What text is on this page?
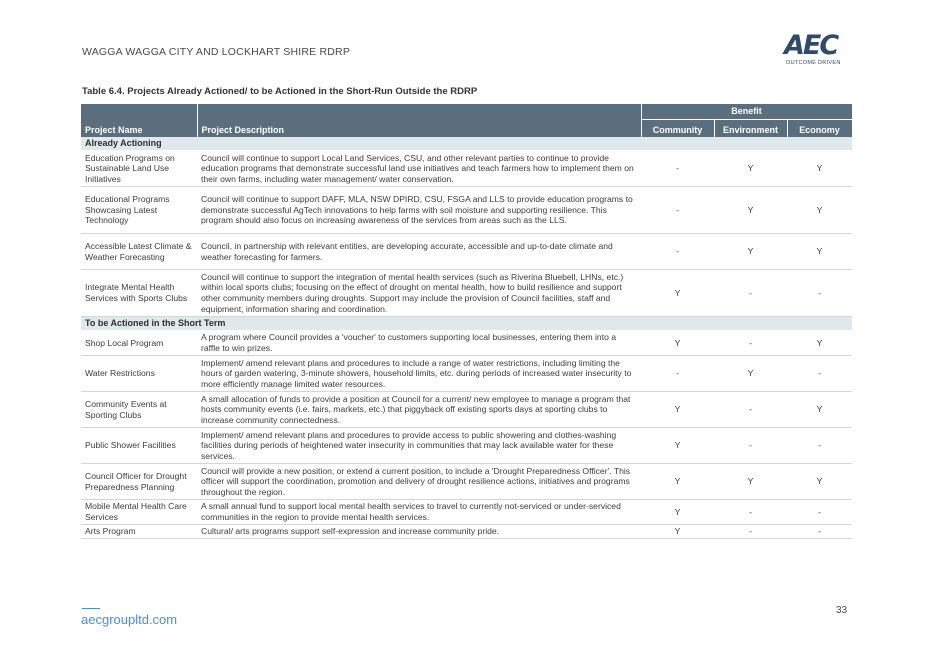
WAGGA WAGGA CITY AND LOCKHART SHIRE RDRP	AEC
OUTCOME DRIVEN
Table 6.4. Projects Already Actioned/ to be Actioned in the Short-Run Outside the RDRP
Project Name	Project Description	Benefit		
		Community	Environment	Economy
Already Actioning				
Education Programs on Sustainable Land Use Initiatives	Council will continue to support Local Land Services, CSU, and other relevant parties to continue to provide education programs that demonstrate successful land use initiatives and teach farmers how to implement them on their own farms, including water management/ water conservation.	-	Y	Y
Educational Programs Showcasing Latest Technology	Council will continue to support DAFF, MLA, NSW DPIRD, CSU, FSGA and LLS to provide education programs to demonstrate successful AgTech innovations to help farms with soil moisture and supporting resilience. This program should also focus on increasing awareness of the services from areas such as the LLS.	-	Y	Y
Accessible Latest Climate & Weather Forecasting	Council, in partnership with relevant entities, are developing accurate, accessible and up-to-date climate and weather forecasting for farmers.	-	Y	Y
Integrate Mental Health Services with Sports Clubs	Council will continue to support the integration of mental health services (such as Riverina Bluebell, LHNs, etc.) within local sports clubs; focusing on the effect of drought on mental health, how to build resilience and support other community members during droughts. Support may include the provision of Council facilities, staff and equipment, information sharing and coordination.	Y	-	-
To be Actioned in the Short Term				
Shop Local Program	A program where Council provides a 'voucher' to customers supporting local businesses, entering them into a raffle to win prizes.	Y	-	Y
Water Restrictions	Implement/ amend relevant plans and procedures to include a range of water restrictions, including limiting the hours of garden watering, 3-minute showers, household limits, etc. during periods of increased water insecurity to more efficiently manage limited water resources.	-	Y	-
Community Events at Sporting Clubs	A small allocation of funds to provide a position at Council for a current/ new employee to manage a program that hosts community events (i.e. fairs, markets, etc.) that piggyback off existing sports days at sporting clubs to increase community connectedness.	Y	-	Y
Public Shower Facilities	Implement/ amend relevant plans and procedures to provide access to public showering and clothes-washing facilities during periods of heightened water insecurity in communities that may lack available water for these services.	Y	-	-
Council Officer for Drought Preparedness Planning	Council will provide a new position, or extend a current position, to include a 'Drought Preparedness Officer'. This officer will support the coordination, promotion and delivery of drought resilience actions, initiatives and programs throughout the region.	Y	Y	Y
Mobile Mental Health Care Services	A small annual fund to support local mental health services to travel to currently not-serviced or under-serviced communities in the region to provide mental health services.	Y	-	-
Arts Program	Cultural/ arts programs support self-expression and increase community pride.	Y	-	-
aecgroupltd.com
33
